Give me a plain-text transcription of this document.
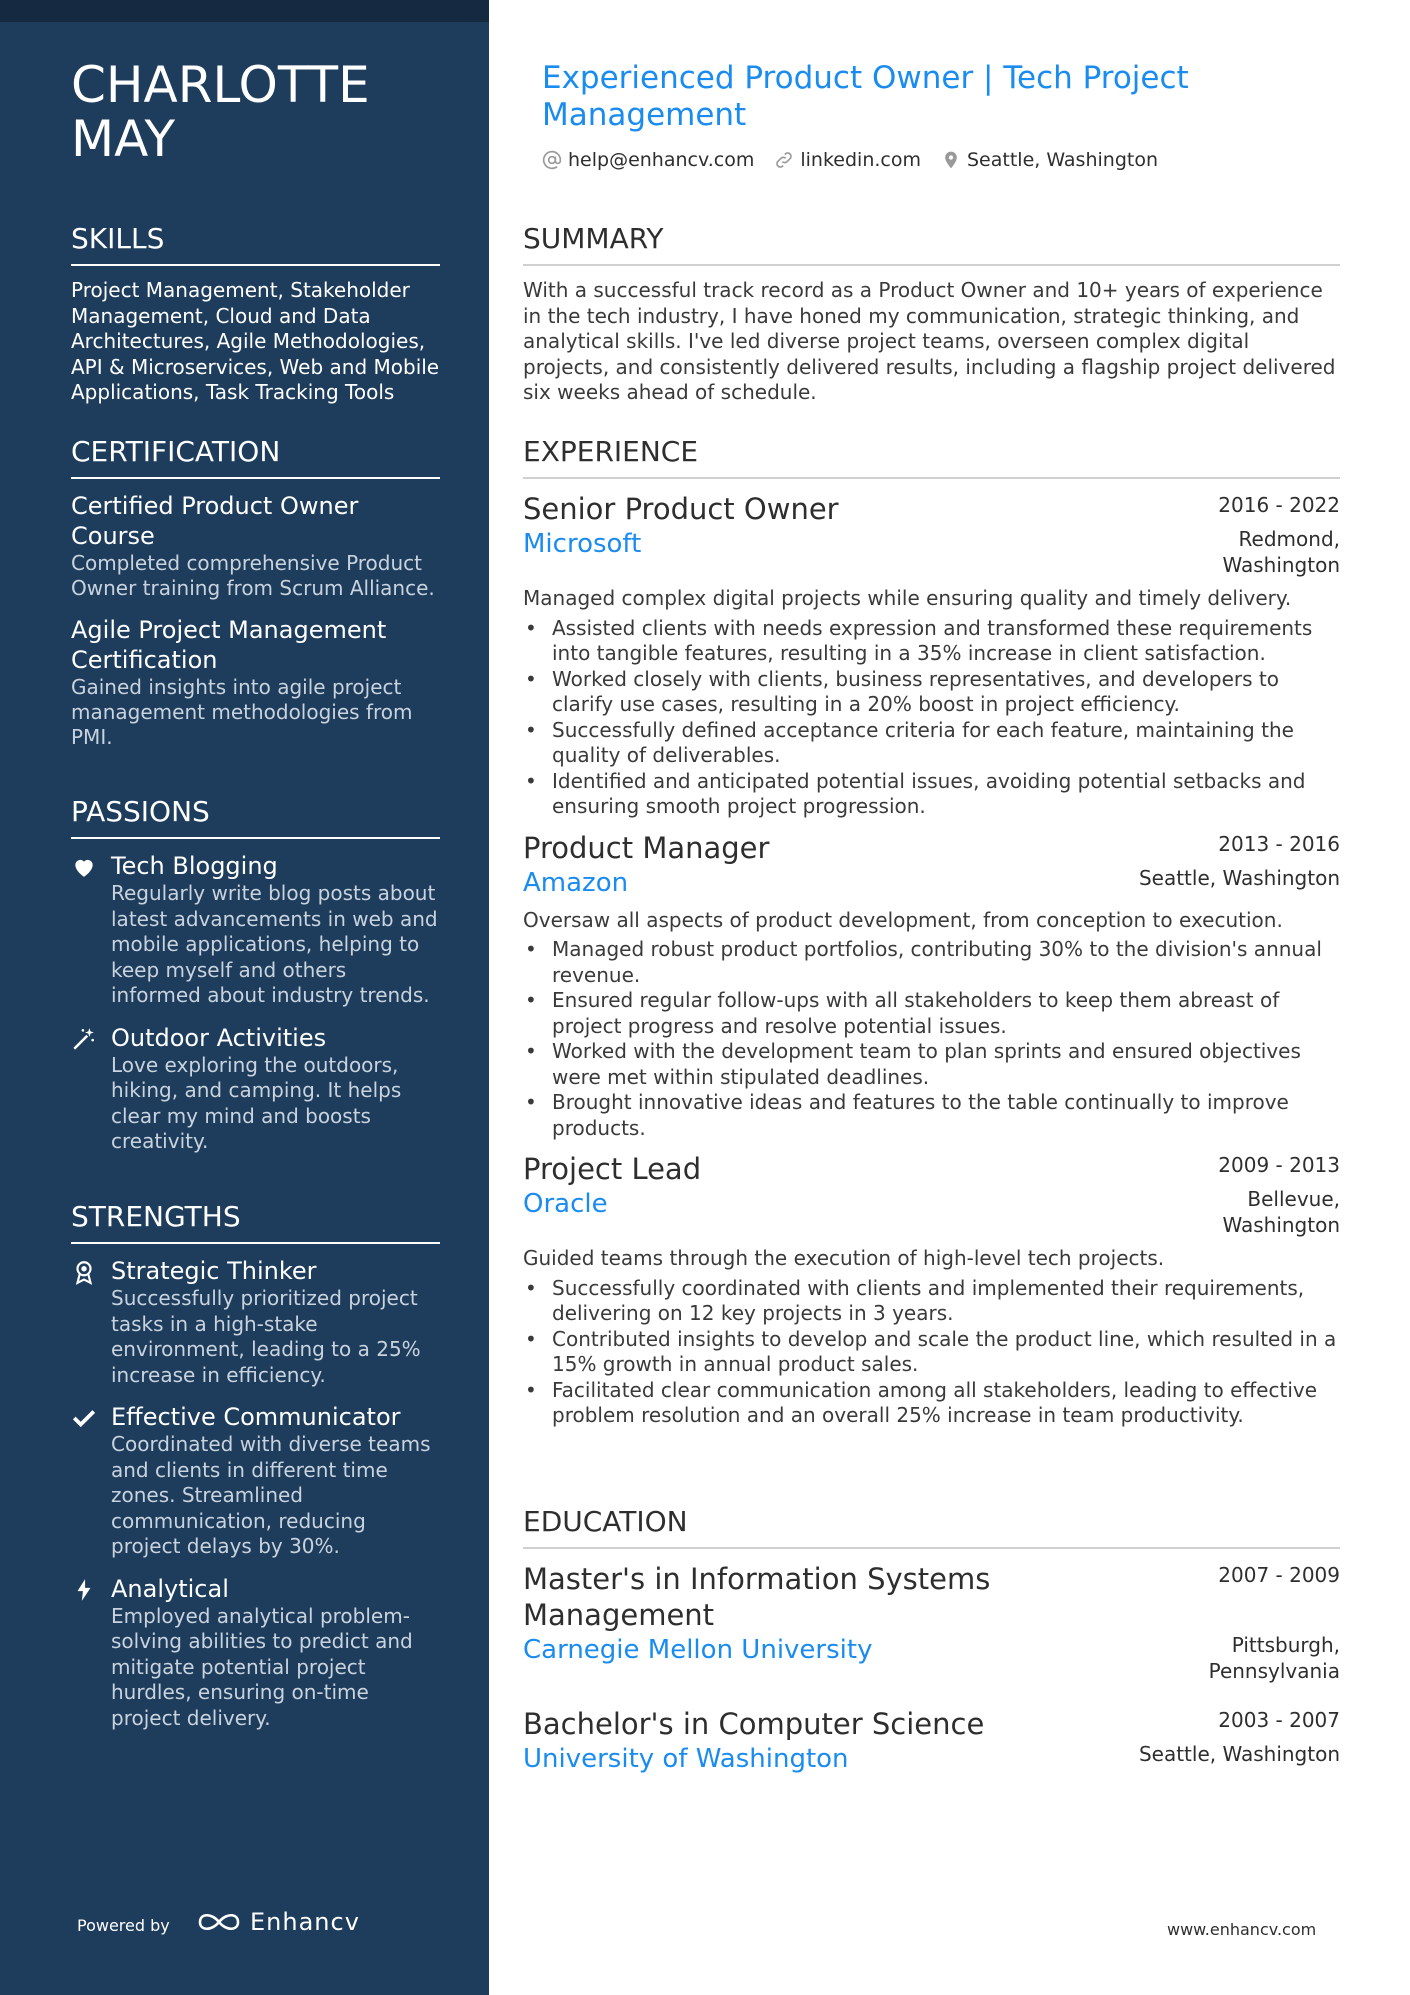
CHARLOTTE MAY
SKILLS
Project Management, Stakeholder Management, Cloud and Data Architectures, Agile Methodologies, API & Microservices, Web and Mobile Applications, Task Tracking Tools
CERTIFICATION
Certified Product Owner Course
Completed comprehensive Product Owner training from Scrum Alliance.
Agile Project Management Certification
Gained insights into agile project management methodologies from PMI.
PASSIONS
Tech Blogging
Regularly write blog posts about latest advancements in web and mobile applications, helping to keep myself and others informed about industry trends.
Outdoor Activities
Love exploring the outdoors, hiking, and camping. It helps clear my mind and boosts creativity.
STRENGTHS
Strategic Thinker
Successfully prioritized project tasks in a high-stake environment, leading to a 25% increase in efficiency.
Effective Communicator
Coordinated with diverse teams and clients in different time zones. Streamlined communication, reducing project delays by 30%.
Analytical
Employed analytical problem-solving abilities to predict and mitigate potential project hurdles, ensuring on-time project delivery.
Powered by	Enhancv
Experienced Product Owner | Tech Project Management
help@enhancv.com linkedin.com Seattle, Washington
SUMMARY
With a successful track record as a Product Owner and 10+ years of experience in the tech industry, I have honed my communication, strategic thinking, and analytical skills. I've led diverse project teams, overseen complex digital projects, and consistently delivered results, including a flagship project delivered six weeks ahead of schedule.
EXPERIENCE
Senior Product Owner	2016 - 2022
Microsoft	Redmond, Washington
Managed complex digital projects while ensuring quality and timely delivery.
• Assisted clients with needs expression and transformed these requirements into tangible features, resulting in a 35% increase in client satisfaction.
• Worked closely with clients, business representatives, and developers to clarify use cases, resulting in a 20% boost in project efficiency.
• Successfully defined acceptance criteria for each feature, maintaining the quality of deliverables.
• Identified and anticipated potential issues, avoiding potential setbacks and ensuring smooth project progression.
Product Manager	2013 - 2016
Amazon	Seattle, Washington
Oversaw all aspects of product development, from conception to execution.
• Managed robust product portfolios, contributing 30% to the division's annual revenue.
• Ensured regular follow-ups with all stakeholders to keep them abreast of project progress and resolve potential issues.
• Worked with the development team to plan sprints and ensured objectives were met within stipulated deadlines.
• Brought innovative ideas and features to the table continually to improve products.
Project Lead	2009 - 2013
Oracle	Bellevue, Washington
Guided teams through the execution of high-level tech projects.
• Successfully coordinated with clients and implemented their requirements, delivering on 12 key projects in 3 years.
• Contributed insights to develop and scale the product line, which resulted in a 15% growth in annual product sales.
• Facilitated clear communication among all stakeholders, leading to effective problem resolution and an overall 25% increase in team productivity.
EDUCATION
Master's in Information Systems Management
2007 - 2009
Carnegie Mellon University	Pittsburgh, Pennsylvania
Bachelor's in Computer Science	2003 - 2007
University of Washington	Seattle, Washington
www.enhancv.com
